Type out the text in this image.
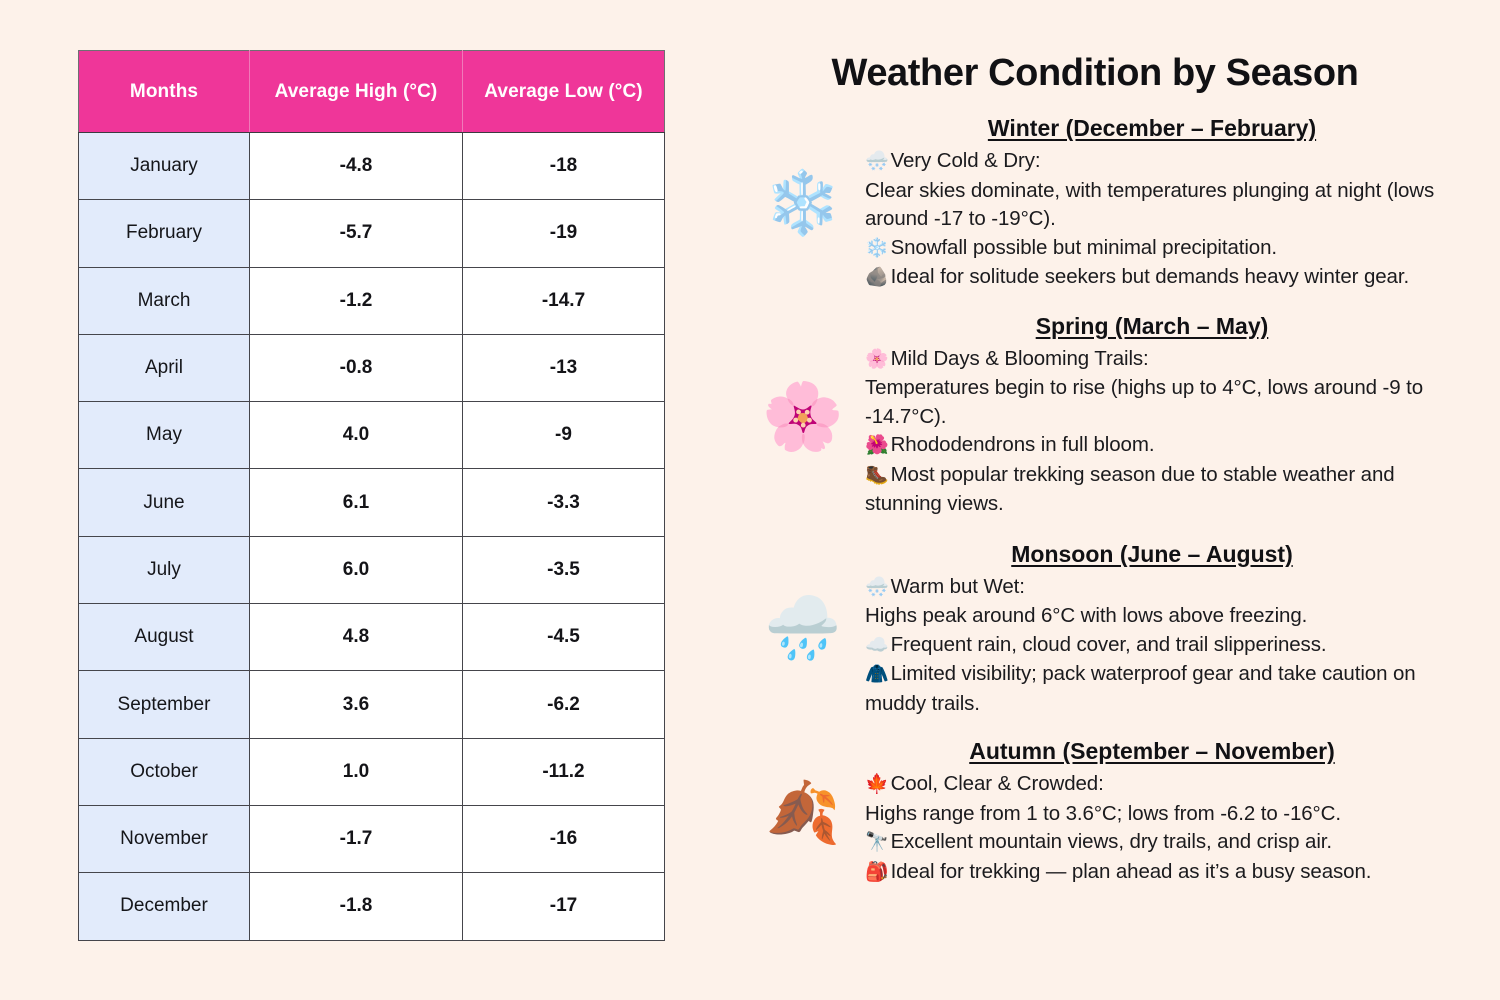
Months	Average High (°C)	Average Low (°C)
January	-4.8	-18
February	-5.7	-19
March	-1.2	-14.7
April	-0.8	-13
May	4.0	-9
June	6.1	-3.3
July	6.0	-3.5
August	4.8	-4.5
September	3.6	-6.2
October	1.0	-11.2
November	-1.7	-16
December	-1.8	-17
Weather Condition by Season
❄️
Winter (December – February)
🌨️Very Cold & Dry:
Clear skies dominate, with temperatures plunging at night (lows around -17 to -19°C).
❄️Snowfall possible but minimal precipitation.
🪨Ideal for solitude seekers but demands heavy winter gear.
🌸
Spring (March – May)
🌸Mild Days & Blooming Trails:
Temperatures begin to rise (highs up to 4°C, lows around -9 to -14.7°C).
🌺Rhododendrons in full bloom.
🥾Most popular trekking season due to stable weather and stunning views.
🌧️
Monsoon (June – August)
🌨️Warm but Wet:
Highs peak around 6°C with lows above freezing.
☁️Frequent rain, cloud cover, and trail slipperiness.
🧥Limited visibility; pack waterproof gear and take caution on muddy trails.
🍂
Autumn (September – November)
🍁Cool, Clear & Crowded:
Highs range from 1 to 3.6°C; lows from -6.2 to -16°C.
🔭Excellent mountain views, dry trails, and crisp air.
🎒Ideal for trekking — plan ahead as it’s a busy season.
